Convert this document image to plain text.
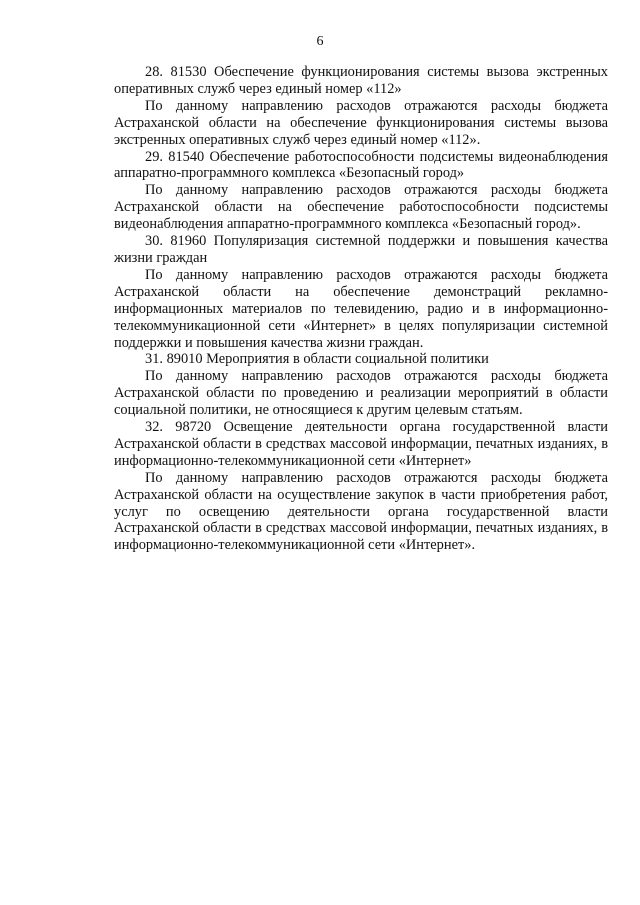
6

28. 81530 Обеспечение функционирования системы вызова экстренных оперативных служб через единый номер «112»

По данному направлению расходов отражаются расходы бюджета Астраханской области на обеспечение функционирования системы вызова экстренных оперативных служб через единый номер «112».

29. 81540 Обеспечение работоспособности подсистемы видеонаблюдения аппаратно-программного комплекса «Безопасный город»

По данному направлению расходов отражаются расходы бюджета Астраханской области на обеспечение работоспособности подсистемы видеонаблюдения аппаратно-программного комплекса «Безопасный город».

30. 81960 Популяризация системной поддержки и повышения качества жизни граждан

По данному направлению расходов отражаются расходы бюджета Астраханской области на обеспечение демонстраций рекламно-информационных материалов по телевидению, радио и в информационно-телекоммуникационной сети «Интернет» в целях популяризации системной поддержки и повышения качества жизни граждан.

31. 89010 Мероприятия в области социальной политики

По данному направлению расходов отражаются расходы бюджета Астраханской области по проведению и реализации мероприятий в области социальной политики, не относящиеся к другим целевым статьям.

32. 98720 Освещение деятельности органа государственной власти Астраханской области в средствах массовой информации, печатных изданиях, в информационно-телекоммуникационной сети «Интернет»

По данному направлению расходов отражаются расходы бюджета Астраханской области на осуществление закупок в части приобретения работ, услуг по освещению деятельности органа государственной власти Астраханской области в средствах массовой информации, печатных изданиях, в информационно-телекоммуникационной сети «Интернет».
